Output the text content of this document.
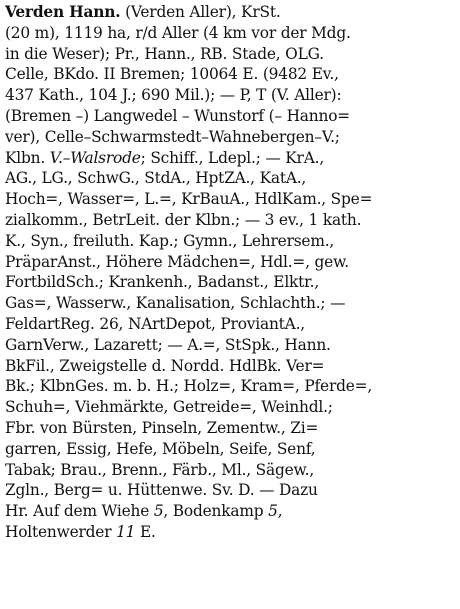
Verden Hann. (Verden Aller), KrSt.
(20 m), 1119 ha, r/d Aller (4 km vor der Mdg.
in die Weser); Pr., Hann., RB. Stade, OLG.
Celle, BKdo. II Bremen; 10064 E. (9482 Ev.,
437 Kath., 104 J.; 690 Mil.); — P, T (V. Aller):
(Bremen –) Langwedel – Wunstorf (– Hanno=
ver), Celle–Schwarmstedt–Wahnebergen–V.;
Klbn. V.–Walsrode; Schiff., Ldepl.; — KrA.,
AG., LG., SchwG., StdA., HptZA., KatA.,
Hoch=, Wasser=, L.=, KrBauA., HdlKam., Spe=
zialkomm., BetrLeit. der Klbn.; — 3 ev., 1 kath.
K., Syn., freiluth. Kap.; Gymn., Lehrersem.,
PräparAnst., Höhere Mädchen=, Hdl.=, gew.
FortbildSch.; Krankenh., Badanst., Elktr.,
Gas=, Wasserw., Kanalisation, Schlachth.; —
FeldartReg. 26, NArtDepot, ProviantA.,
GarnVerw., Lazarett; — A.=, StSpk., Hann.
BkFil., Zweigstelle d. Nordd. HdlBk. Ver=
Bk.; KlbnGes. m. b. H.; Holz=, Kram=, Pferde=,
Schuh=, Viehmärkte, Getreide=, Weinhdl.;
Fbr. von Bürsten, Pinseln, Zementw., Zi=
garren, Essig, Hefe, Möbeln, Seife, Senf,
Tabak; Brau., Brenn., Färb., Ml., Sägew.,
Zgln., Berg= u. Hüttenwe. Sv. D. — Dazu
Hr. Auf dem Wiehe 5, Bodenkamp 5,
Holtenwerder 11 E.
